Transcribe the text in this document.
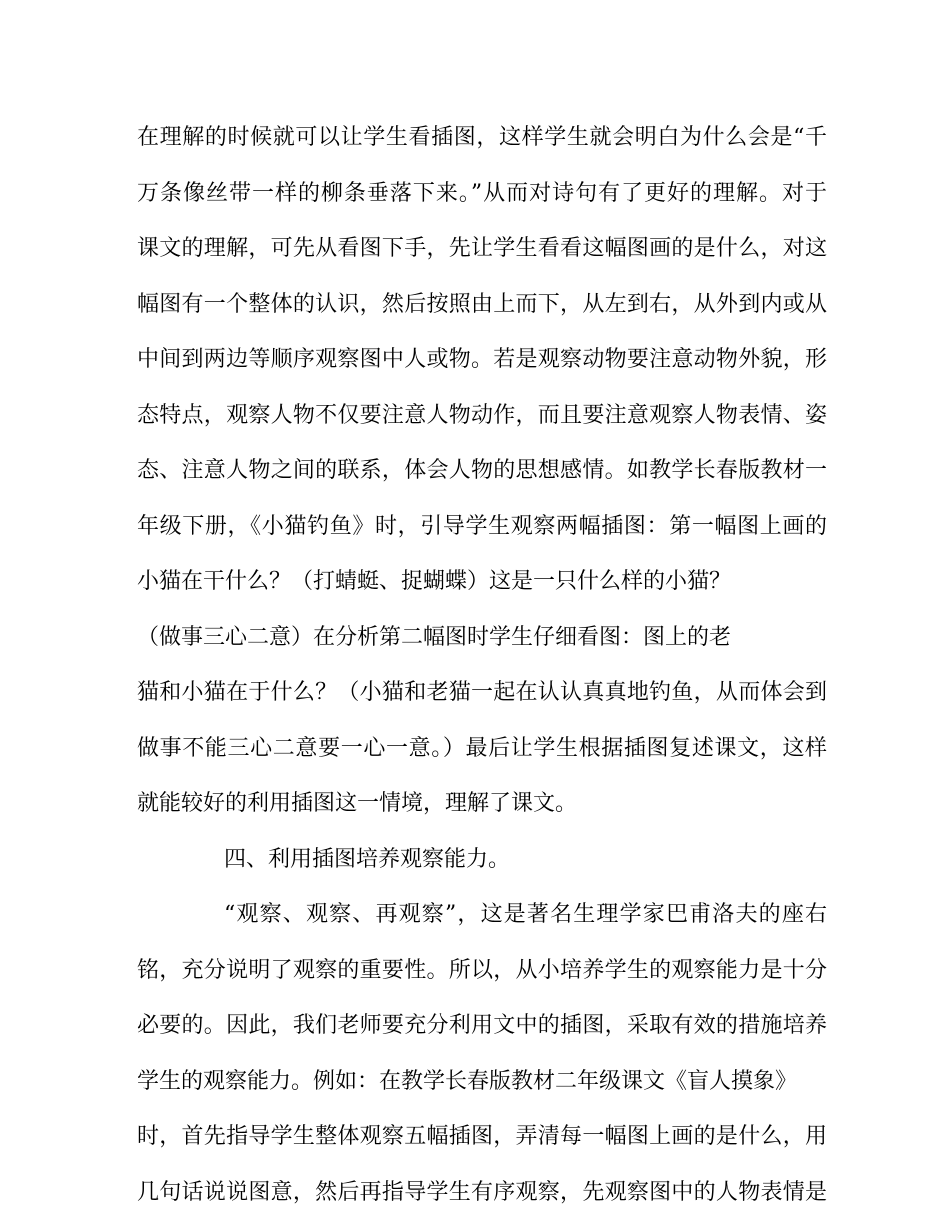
在理解的时候就可以让学生看插图，这样学生就会明白为什么会是“千
万条像丝带一样的柳条垂落下来。”从而对诗句有了更好的理解。对于
课文的理解，可先从看图下手，先让学生看看这幅图画的是什么，对这
幅图有一个整体的认识，然后按照由上而下，从左到右，从外到内或从
中间到两边等顺序观察图中人或物。若是观察动物要注意动物外貌，形
态特点，观察人物不仅要注意人物动作，而且要注意观察人物表情、姿
态、注意人物之间的联系，体会人物的思想感情。如教学长春版教材一
年级下册，《小猫钓鱼》时，引导学生观察两幅插图：第一幅图上画的
小猫在干什么？（打蜻蜓、捉蝴蝶）这是一只什么样的小猫？
（做事三心二意）在分析第二幅图时学生仔细看图：图上的老
猫和小猫在于什么？（小猫和老猫一起在认认真真地钓鱼，从而体会到
做事不能三心二意要一心一意。）最后让学生根据插图复述课文，这样
就能较好的利用插图这一情境，理解了课文。
四、利用插图培养观察能力。
“观察、观察、再观察”，这是著名生理学家巴甫洛夫的座右
铭，充分说明了观察的重要性。所以，从小培养学生的观察能力是十分
必要的。因此，我们老师要充分利用文中的插图，采取有效的措施培养
学生的观察能力。例如：在教学长春版教材二年级课文《盲人摸象》
时，首先指导学生整体观察五幅插图，弄清每一幅图上画的是什么，用
几句话说说图意，然后再指导学生有序观察，先观察图中的人物表情是
